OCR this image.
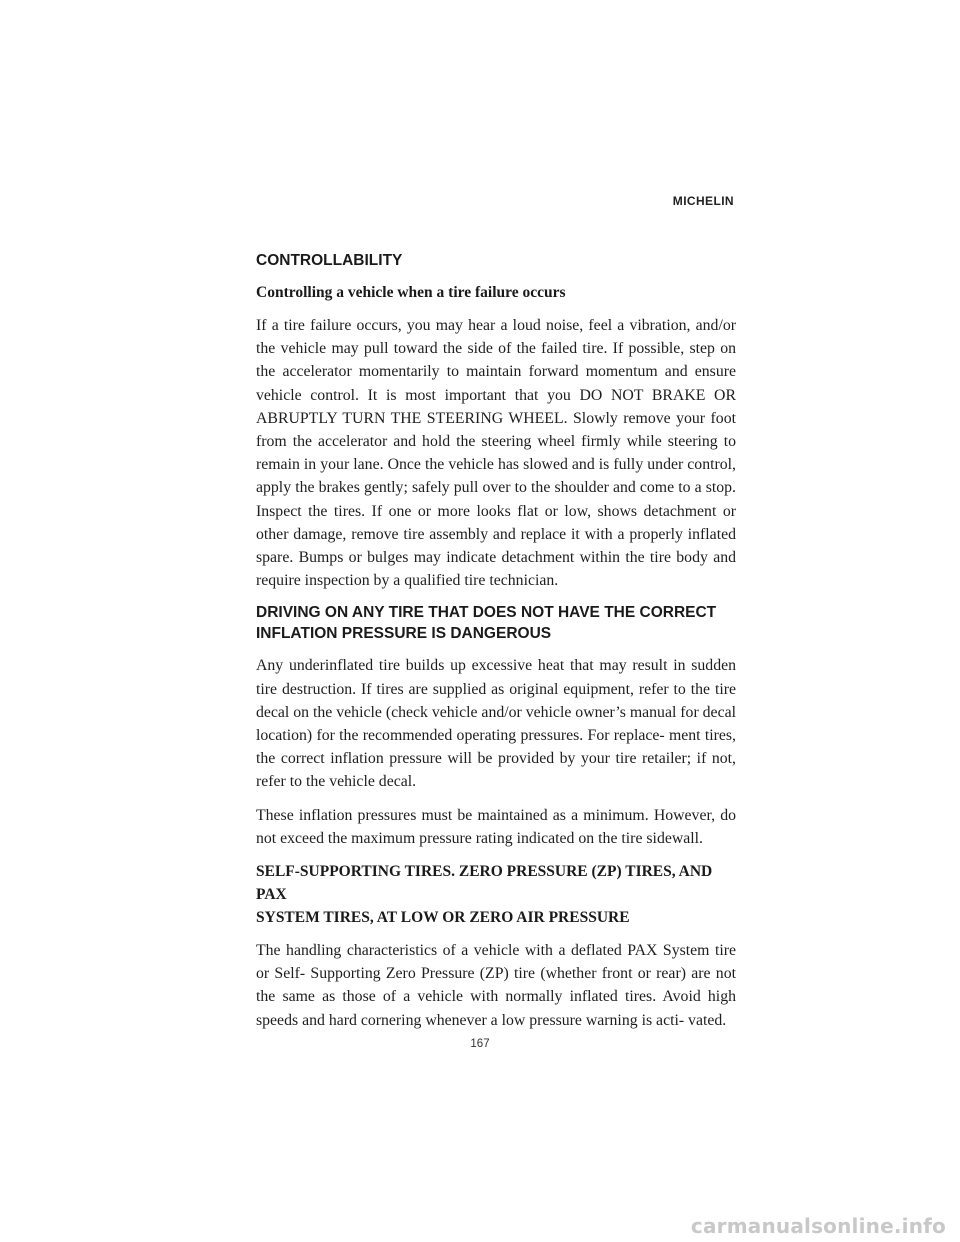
MICHELIN
CONTROLLABILITY
Controlling a vehicle when a tire failure occurs

If a tire failure occurs, you may hear a loud noise, feel a vibration, and/or the vehicle may pull toward the side of the failed tire. If possible, step on the accelerator momentarily to maintain forward momentum and ensure vehicle control. It is most important that you DO NOT BRAKE OR ABRUPTLY TURN THE STEERING WHEEL. Slowly remove your foot from the accelerator and hold the steering wheel firmly while steering to remain in your lane. Once the vehicle has slowed and is fully under control, apply the brakes gently; safely pull over to the shoulder and come to a stop. Inspect the tires. If one or more looks flat or low, shows detachment or other damage, remove tire assembly and replace it with a properly inflated spare. Bumps or bulges may indicate detachment within the tire body and require inspection by a qualified tire technician.

DRIVING ON ANY TIRE THAT DOES NOT HAVE THE CORRECT
INFLATION PRESSURE IS DANGEROUS

Any underinflated tire builds up excessive heat that may result in sudden tire destruction. If tires are supplied as original equipment, refer to the tire decal on the vehicle (check vehicle and/or vehicle owner’s manual for decal location) for the recommended operating pressures. For replace- ment tires, the correct inflation pressure will be provided by your tire retailer; if not, refer to the vehicle decal.

These inflation pressures must be maintained as a minimum. However, do not exceed the maximum pressure rating indicated on the tire sidewall.

SELF-SUPPORTING TIRES. ZERO PRESSURE (ZP) TIRES, AND PAX
SYSTEM TIRES, AT LOW OR ZERO AIR PRESSURE

The handling characteristics of a vehicle with a deflated PAX System tire or Self- Supporting Zero Pressure (ZP) tire (whether front or rear) are not the same as those of a vehicle with normally inflated tires. Avoid high speeds and hard cornering whenever a low pressure warning is acti- vated.

167
carmanualsonline.info
